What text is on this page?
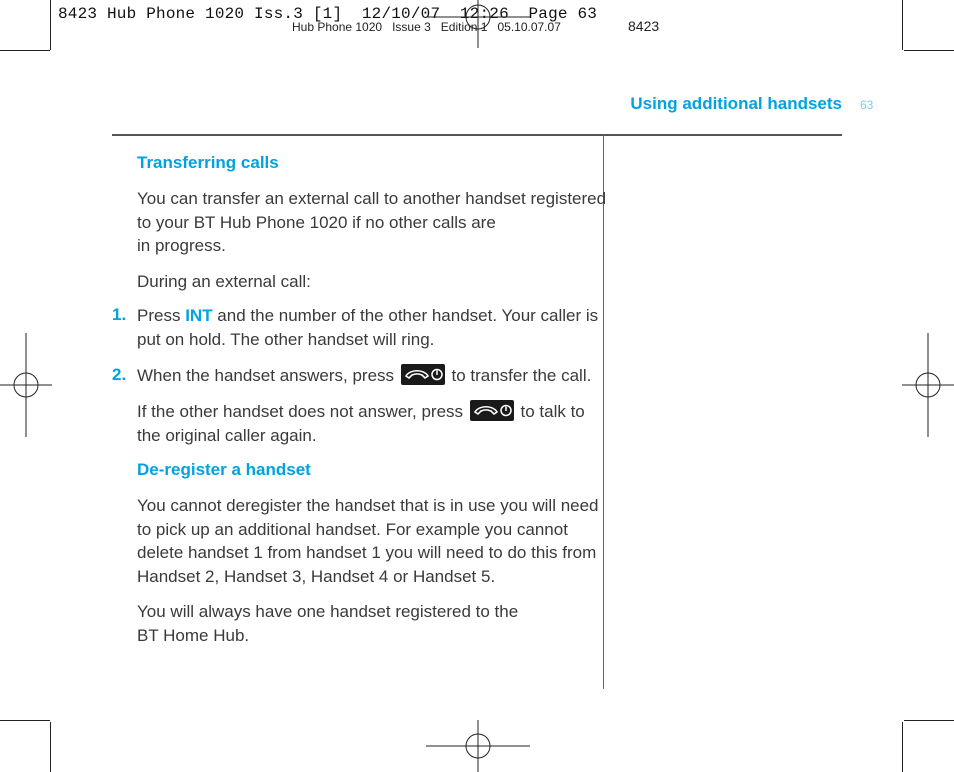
8423 Hub Phone 1020 Iss.3 [1]  12/10/07  12:26  Page 63
Hub Phone 1020   Issue 3   Edition 1   05.10.07.07	8423
Using additional handsets 63
Transferring calls
You can transfer an external call to another handset registered
to your BT Hub Phone 1020 if no other calls are
in progress.
During an external call:
1. Press INT and the number of the other handset. Your caller is
put on hold. The other handset will ring.
2. When the handset answers, press	to transfer the call.
If the other handset does not answer, press	to talk to
the original caller again.
De-register a handset
You cannot deregister the handset that is in use you will need
to pick up an additional handset. For example you cannot
delete handset 1 from handset 1 you will need to do this from
Handset 2, Handset 3, Handset 4 or Handset 5.
You will always have one handset registered to the
BT Home Hub.
